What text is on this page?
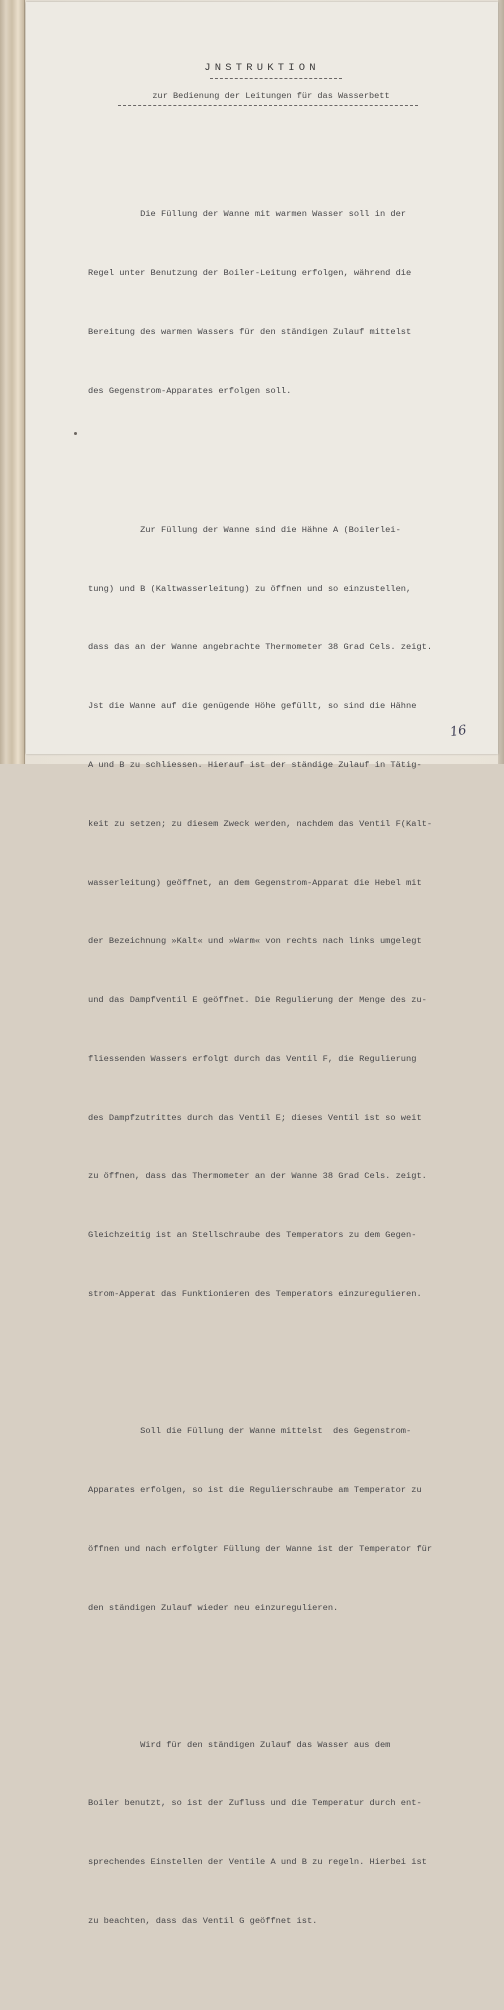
JNSTRUKTION
zur Bedienung der Leitungen für das Wasserbett

Die Füllung der Wanne mit warmen Wasser soll in der

Regel unter Benutzung der Boiler-Leitung erfolgen, während die

Bereitung des warmen Wassers für den ständigen Zulauf mittelst

des Gegenstrom-Apparates erfolgen soll.

Zur Füllung der Wanne sind die Hähne A (Boilerlei-

tung) und B (Kaltwasserleitung) zu öffnen und so einzustellen,

dass das an der Wanne angebrachte Thermometer 38 Grad Cels. zeigt.

Jst die Wanne auf die genügende Höhe gefüllt, so sind die Hähne

A und B zu schliessen. Hierauf ist der ständige Zulauf in Tätig-

keit zu setzen; zu diesem Zweck werden, nachdem das Ventil F(Kalt-

wasserleitung) geöffnet, an dem Gegenstrom-Apparat die Hebel mit

der Bezeichnung »Kalt« und »Warm« von rechts nach links umgelegt

und das Dampfventil E geöffnet. Die Regulierung der Menge des zu-

fliessenden Wassers erfolgt durch das Ventil F, die Regulierung

des Dampfzutrittes durch das Ventil E; dieses Ventil ist so weit

zu öffnen, dass das Thermometer an der Wanne 38 Grad Cels. zeigt.

Gleichzeitig ist an Stellschraube des Temperators zu dem Gegen-

strom-Apperat das Funktionieren des Temperators einzuregulieren.

Soll die Füllung der Wanne mittelst  des Gegenstrom-

Apparates erfolgen, so ist die Regulierschraube am Temperator zu

öffnen und nach erfolgter Füllung der Wanne ist der Temperator für

den ständigen Zulauf wieder neu einzuregulieren.

Wird für den ständigen Zulauf das Wasser aus dem

Boiler benutzt, so ist der Zufluss und die Temperatur durch ent-

sprechendes Einstellen der Ventile A und B zu regeln. Hierbei ist

zu beachten, dass das Ventil G geöffnet ist.

16
